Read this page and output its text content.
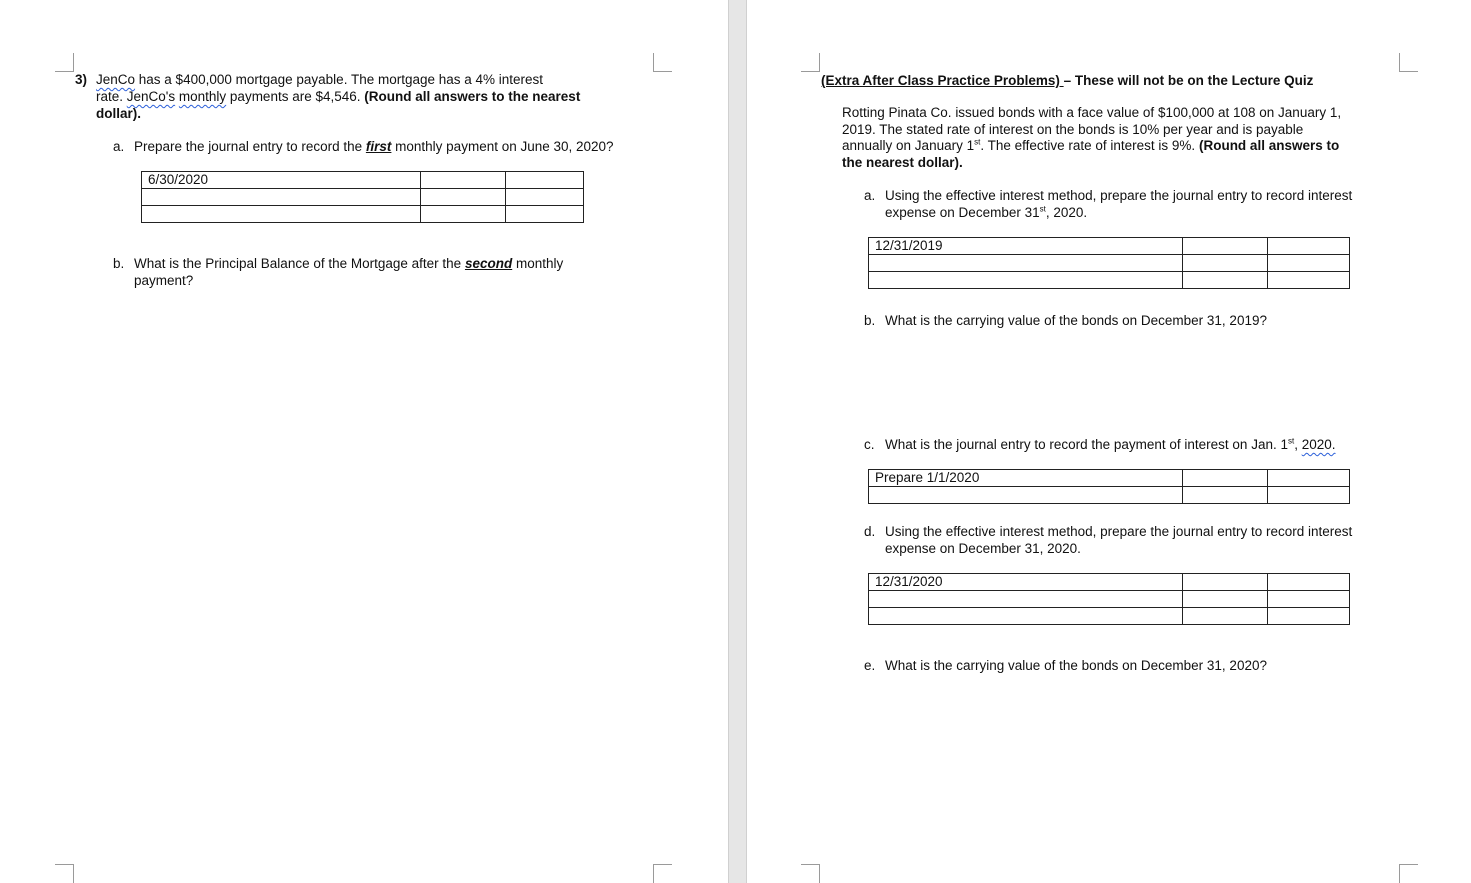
3) JenCo has a $400,000 mortgage payable. The mortgage has a 4% interest

rate. JenCo's monthly payments are $4,546. (Round all answers to the nearest

dollar).

a. Prepare the journal entry to record the first monthly payment on June 30, 2020?

6/30/2020		

b. What is the Principal Balance of the Mortgage after the second monthly

payment?

(Extra After Class Practice Problems) – These will not be on the Lecture Quiz

Rotting Pinata Co. issued bonds with a face value of $100,000 at 108 on January 1,

2019. The stated rate of interest on the bonds is 10% per year and is payable

annually on January 1st. The effective rate of interest is 9%. (Round all answers to

the nearest dollar).

a. Using the effective interest method, prepare the journal entry to record interest

expense on December 31st, 2020.

12/31/2019		

b. What is the carrying value of the bonds on December 31, 2019?

c. What is the journal entry to record the payment of interest on Jan. 1st, 2020.

Prepare 1/1/2020		

d. Using the effective interest method, prepare the journal entry to record interest

expense on December 31, 2020.

12/31/2020		

e. What is the carrying value of the bonds on December 31, 2020?
